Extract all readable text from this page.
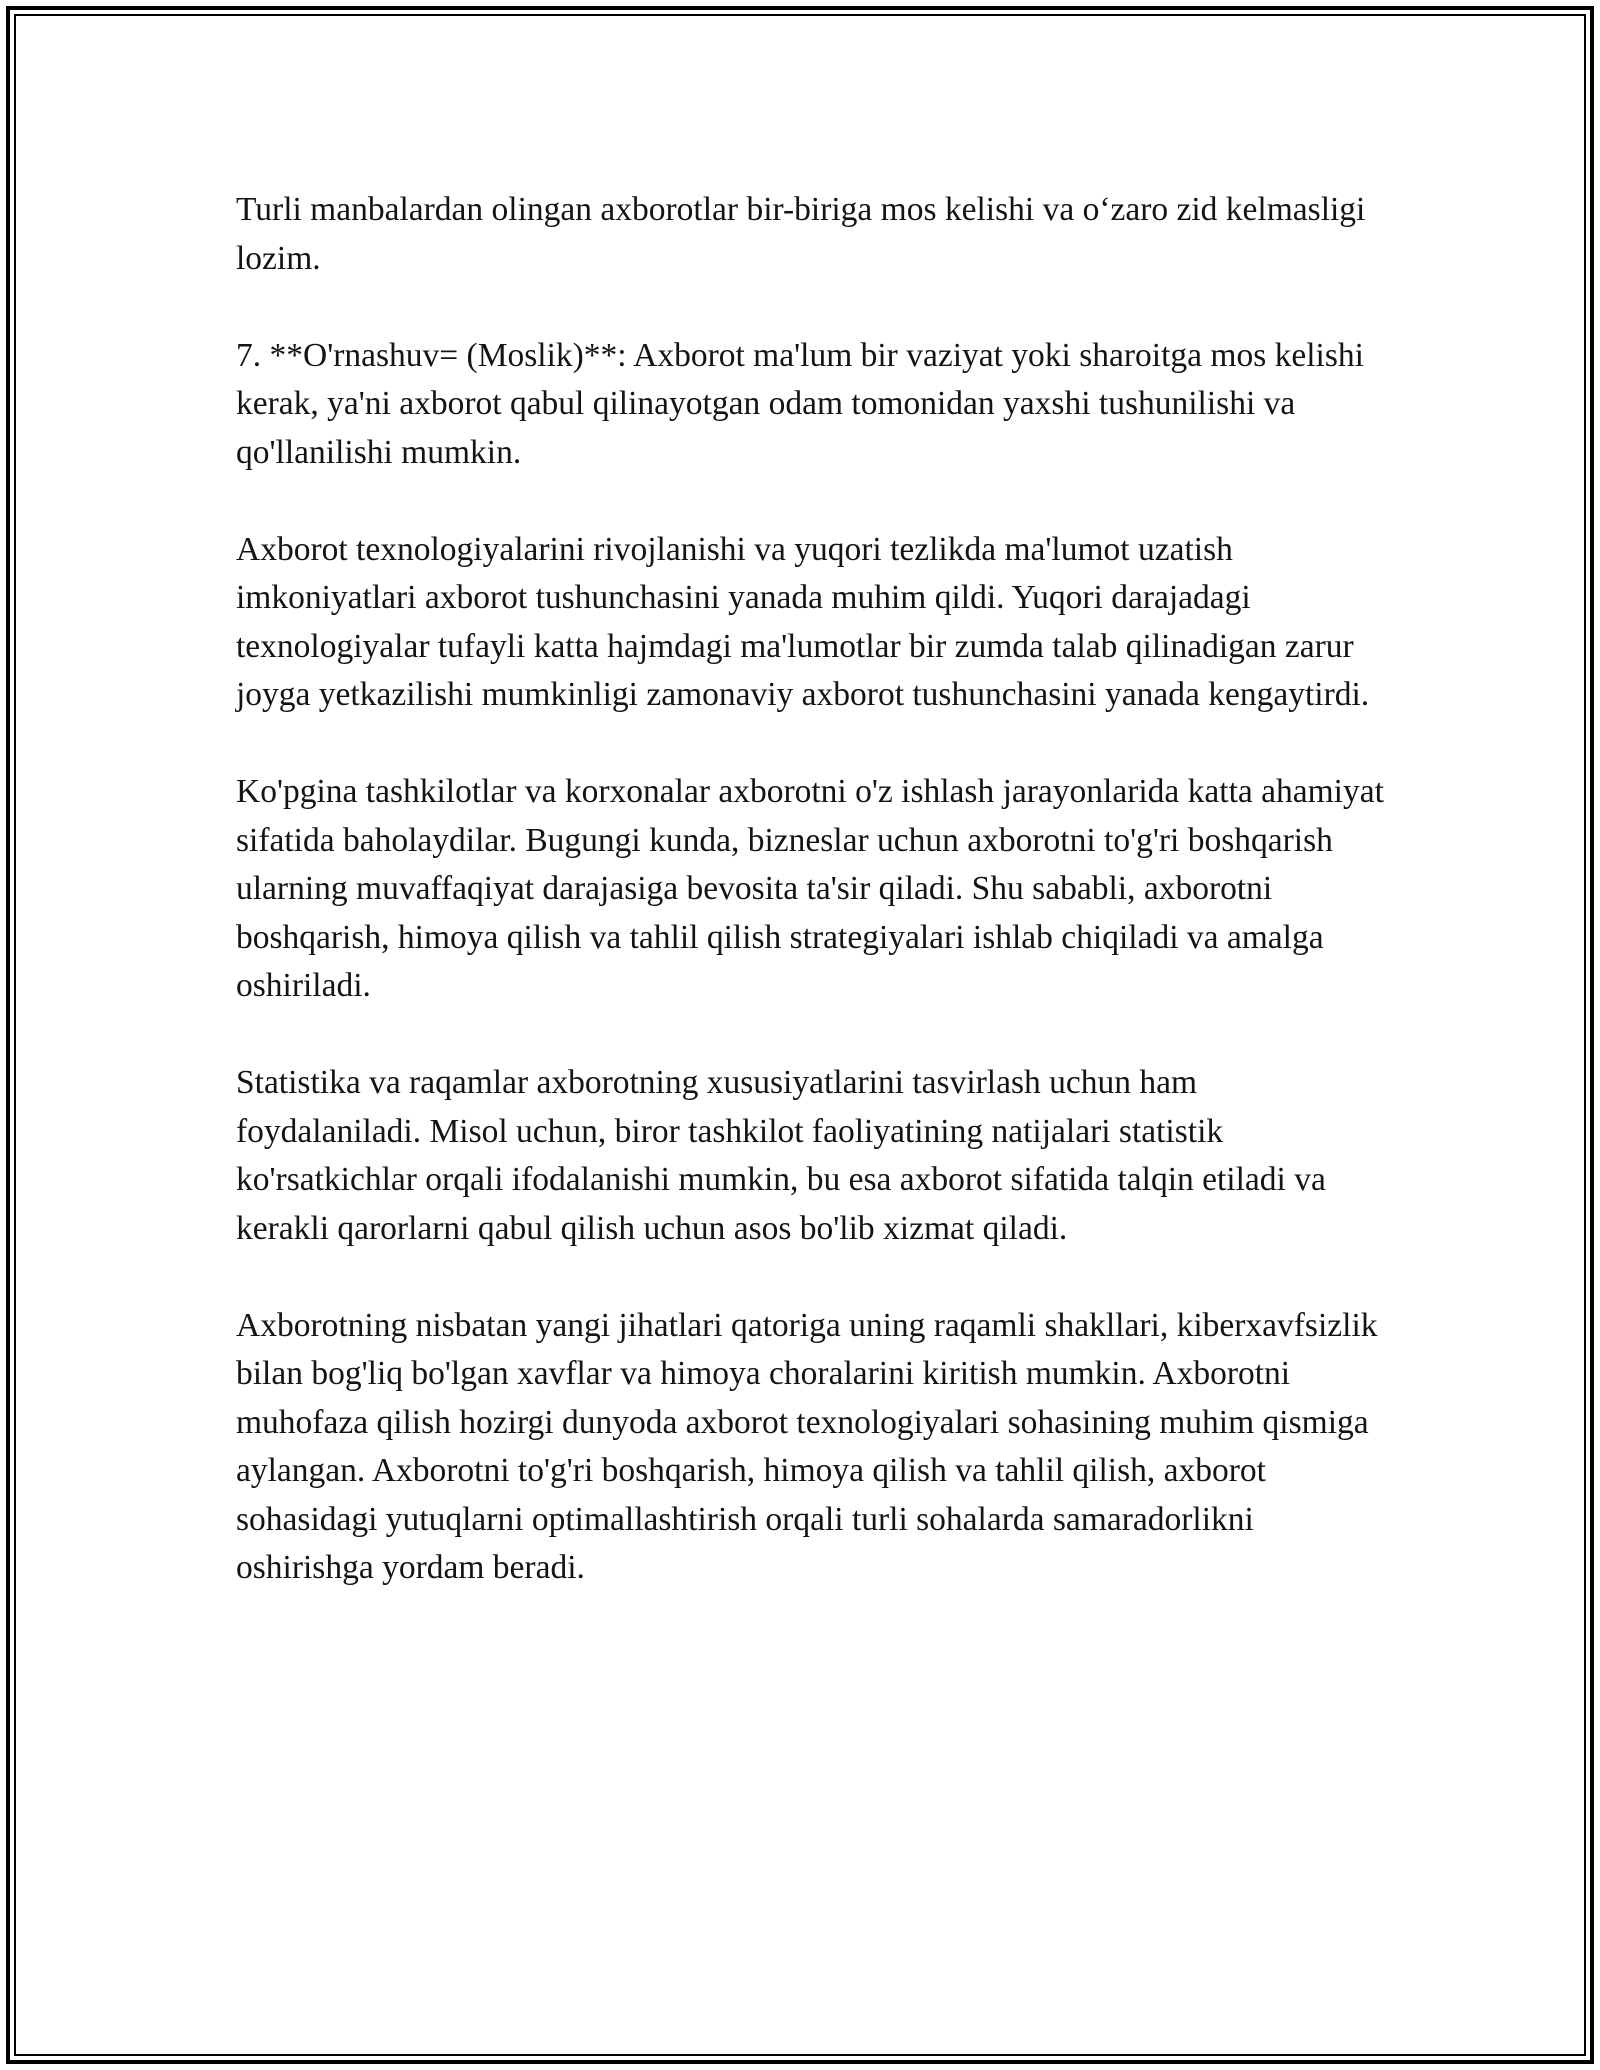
Turli manbalardan olingan axborotlar bir-biriga mos kelishi va o‘zaro zid kelmasligi lozim.

7. **O'rnashuv= (Moslik)**: Axborot ma'lum bir vaziyat yoki sharoitga mos kelishi kerak, ya'ni axborot qabul qilinayotgan odam tomonidan yaxshi tushunilishi va qo'llanilishi mumkin.

Axborot texnologiyalarini rivojlanishi va yuqori tezlikda ma'lumot uzatish imkoniyatlari axborot tushunchasini yanada muhim qildi. Yuqori darajadagi texnologiyalar tufayli katta hajmdagi ma'lumotlar bir zumda talab qilinadigan zarur joyga yetkazilishi mumkinligi zamonaviy axborot tushunchasini yanada kengaytirdi.

Ko'pgina tashkilotlar va korxonalar axborotni o'z ishlash jarayonlarida katta ahamiyat sifatida baholaydilar. Bugungi kunda, bizneslar uchun axborotni to'g'ri boshqarish ularning muvaffaqiyat darajasiga bevosita ta'sir qiladi. Shu sababli, axborotni boshqarish, himoya qilish va tahlil qilish strategiyalari ishlab chiqiladi va amalga oshiriladi.

Statistika va raqamlar axborotning xususiyatlarini tasvirlash uchun ham foydalaniladi. Misol uchun, biror tashkilot faoliyatining natijalari statistik ko'rsatkichlar orqali ifodalanishi mumkin, bu esa axborot sifatida talqin etiladi va kerakli qarorlarni qabul qilish uchun asos bo'lib xizmat qiladi.

Axborotning nisbatan yangi jihatlari qatoriga uning raqamli shakllari, kiberxavfsizlik bilan bog'liq bo'lgan xavflar va himoya choralarini kiritish mumkin. Axborotni muhofaza qilish hozirgi dunyoda axborot texnologiyalari sohasining muhim qismiga aylangan. Axborotni to'g'ri boshqarish, himoya qilish va tahlil qilish, axborot sohasidagi yutuqlarni optimallashtirish orqali turli sohalarda samaradorlikni oshirishga yordam beradi.
